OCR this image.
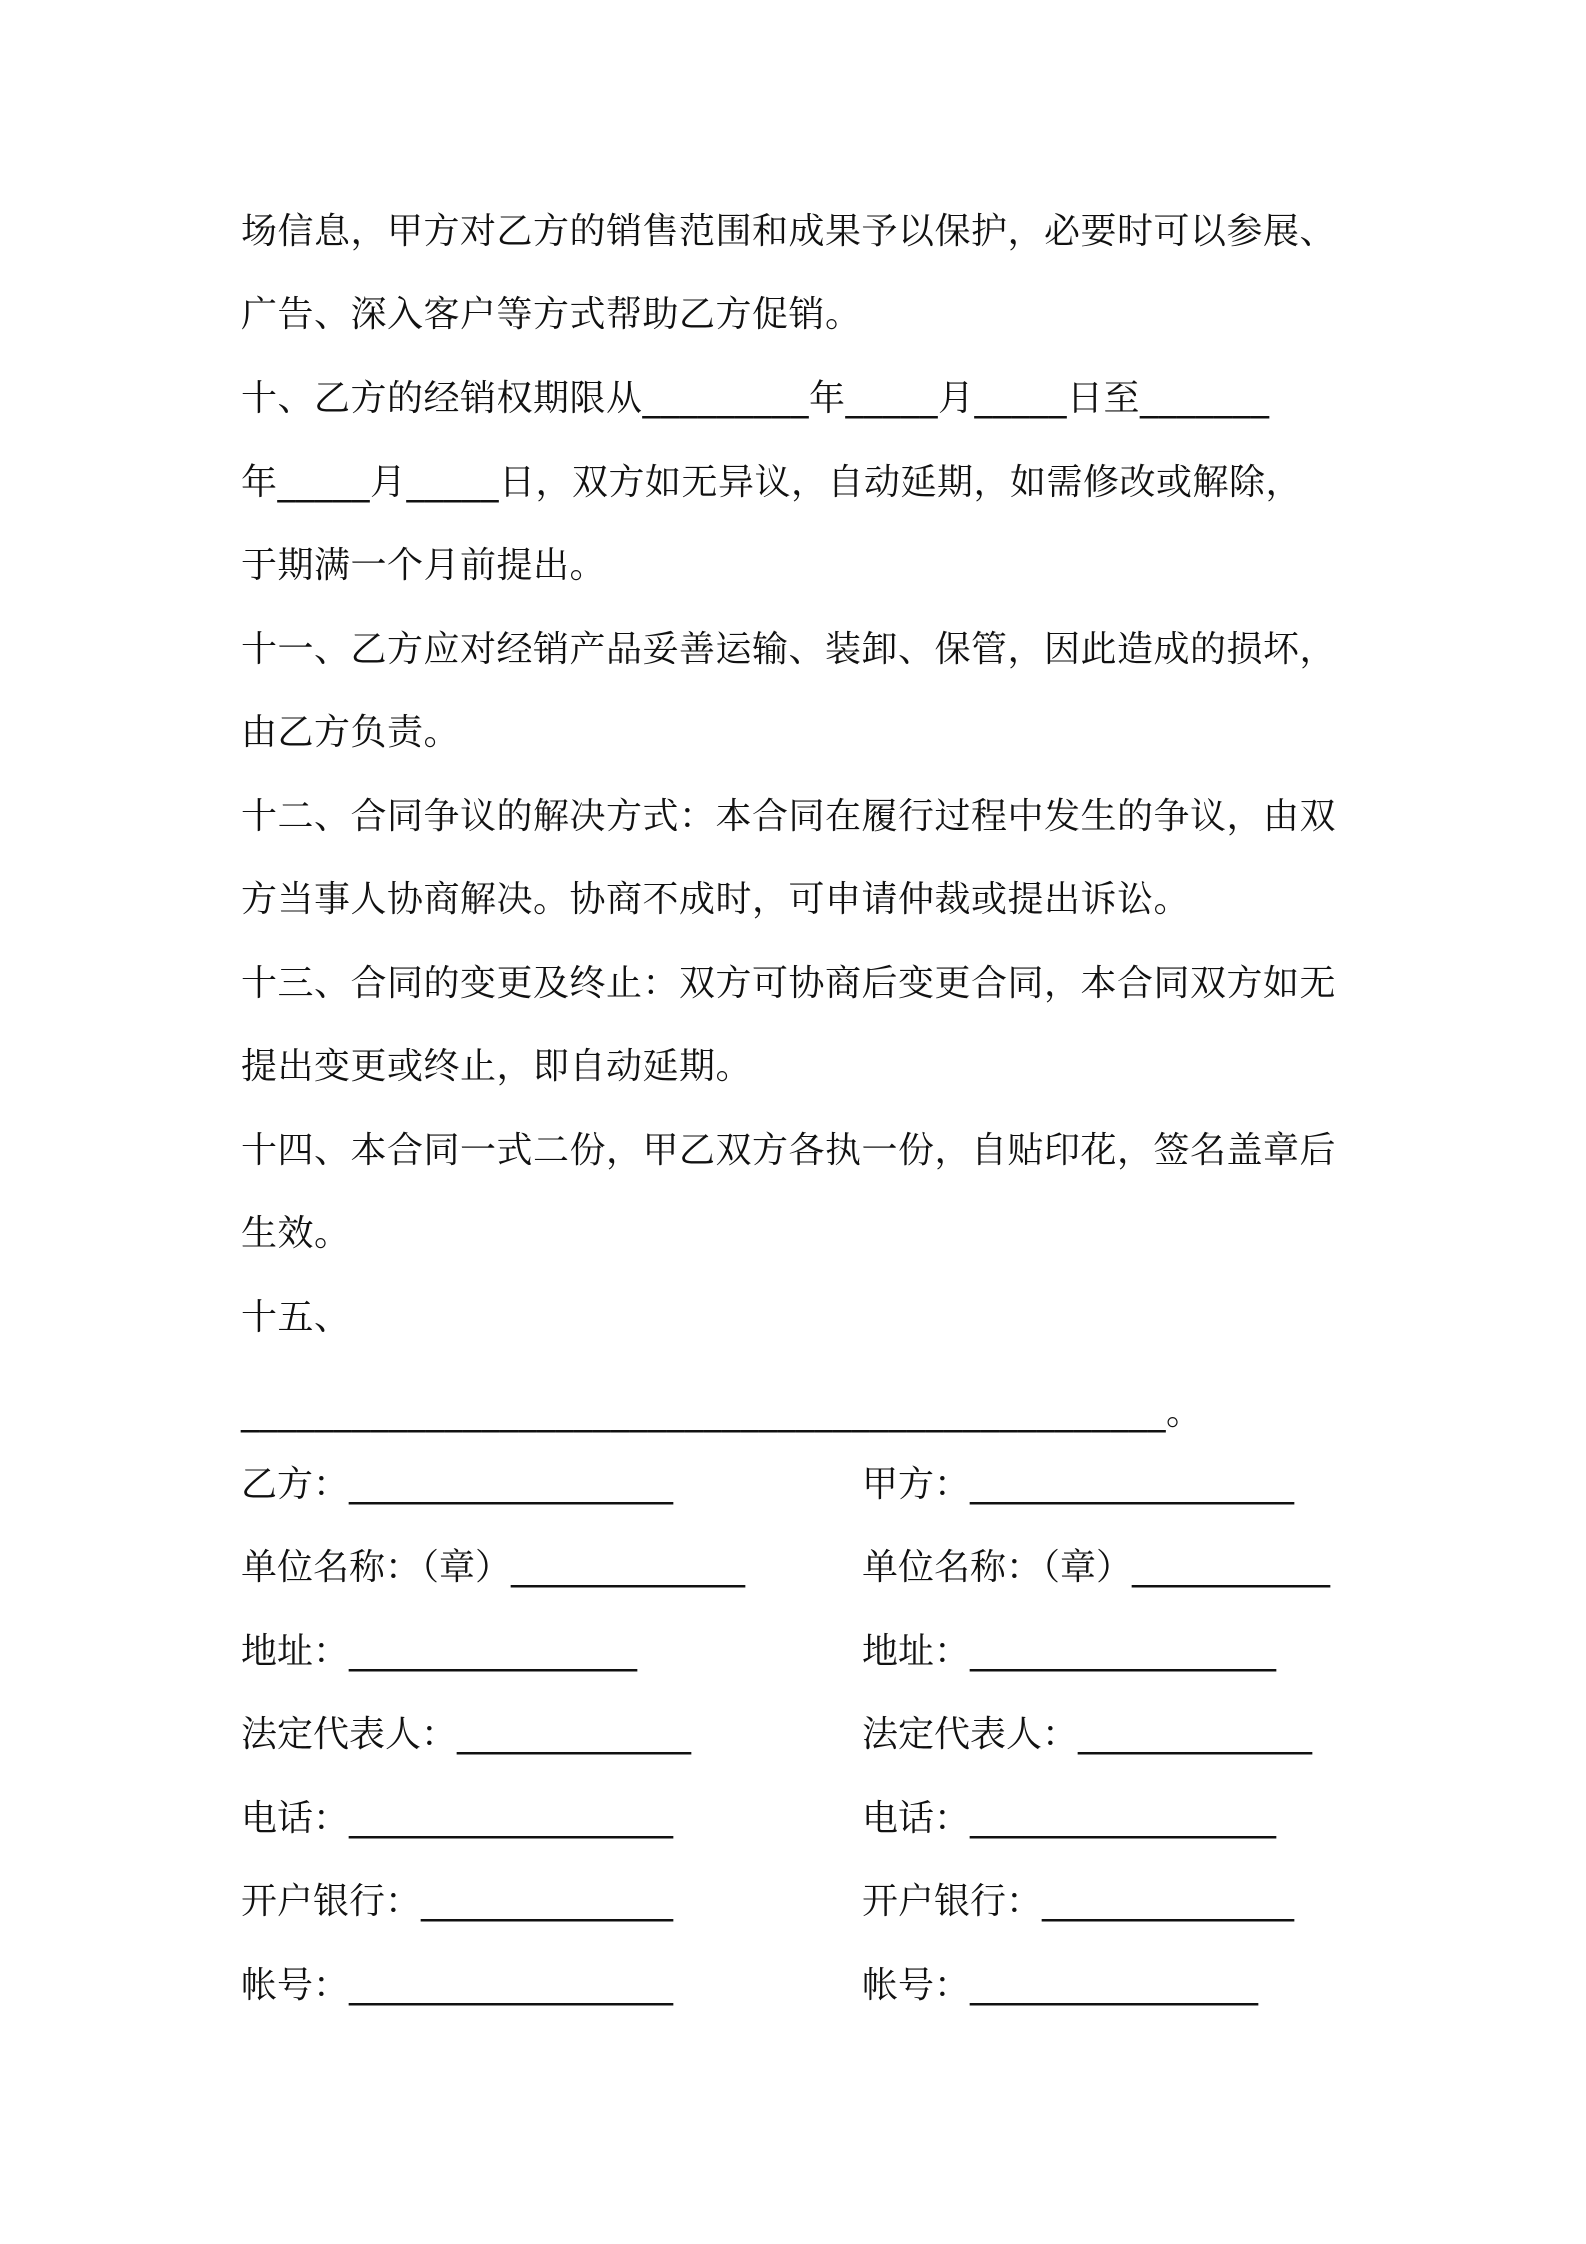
场信息，甲方对乙方的销售范围和成果予以保护，必要时可以参展、
广告、深入客户等方式帮助乙方促销。
十、乙方的经销权期限从_________年_____月_____日至_______
年_____月_____日，双方如无异议，自动延期，如需修改或解除，
于期满一个月前提出。
十一、乙方应对经销产品妥善运输、装卸、保管，因此造成的损坏，
由乙方负责。
十二、合同争议的解决方式：本合同在履行过程中发生的争议，由双
方当事人协商解决。协商不成时，可申请仲裁或提出诉讼。
十三、合同的变更及终止：双方可协商后变更合同，本合同双方如无
提出变更或终止，即自动延期。
十四、本合同一式二份，甲乙双方各执一份，自贴印花，签名盖章后
生效。
十五、
__________________________________________________。
乙方：__________________	甲方：__________________
单位名称：（章）_____________	单位名称：（章）___________
地址：________________	地址：_________________
法定代表人：_____________	法定代表人：_____________
电话：__________________	电话：_________________
开户银行：______________	开户银行：______________
帐号：__________________	帐号：________________
